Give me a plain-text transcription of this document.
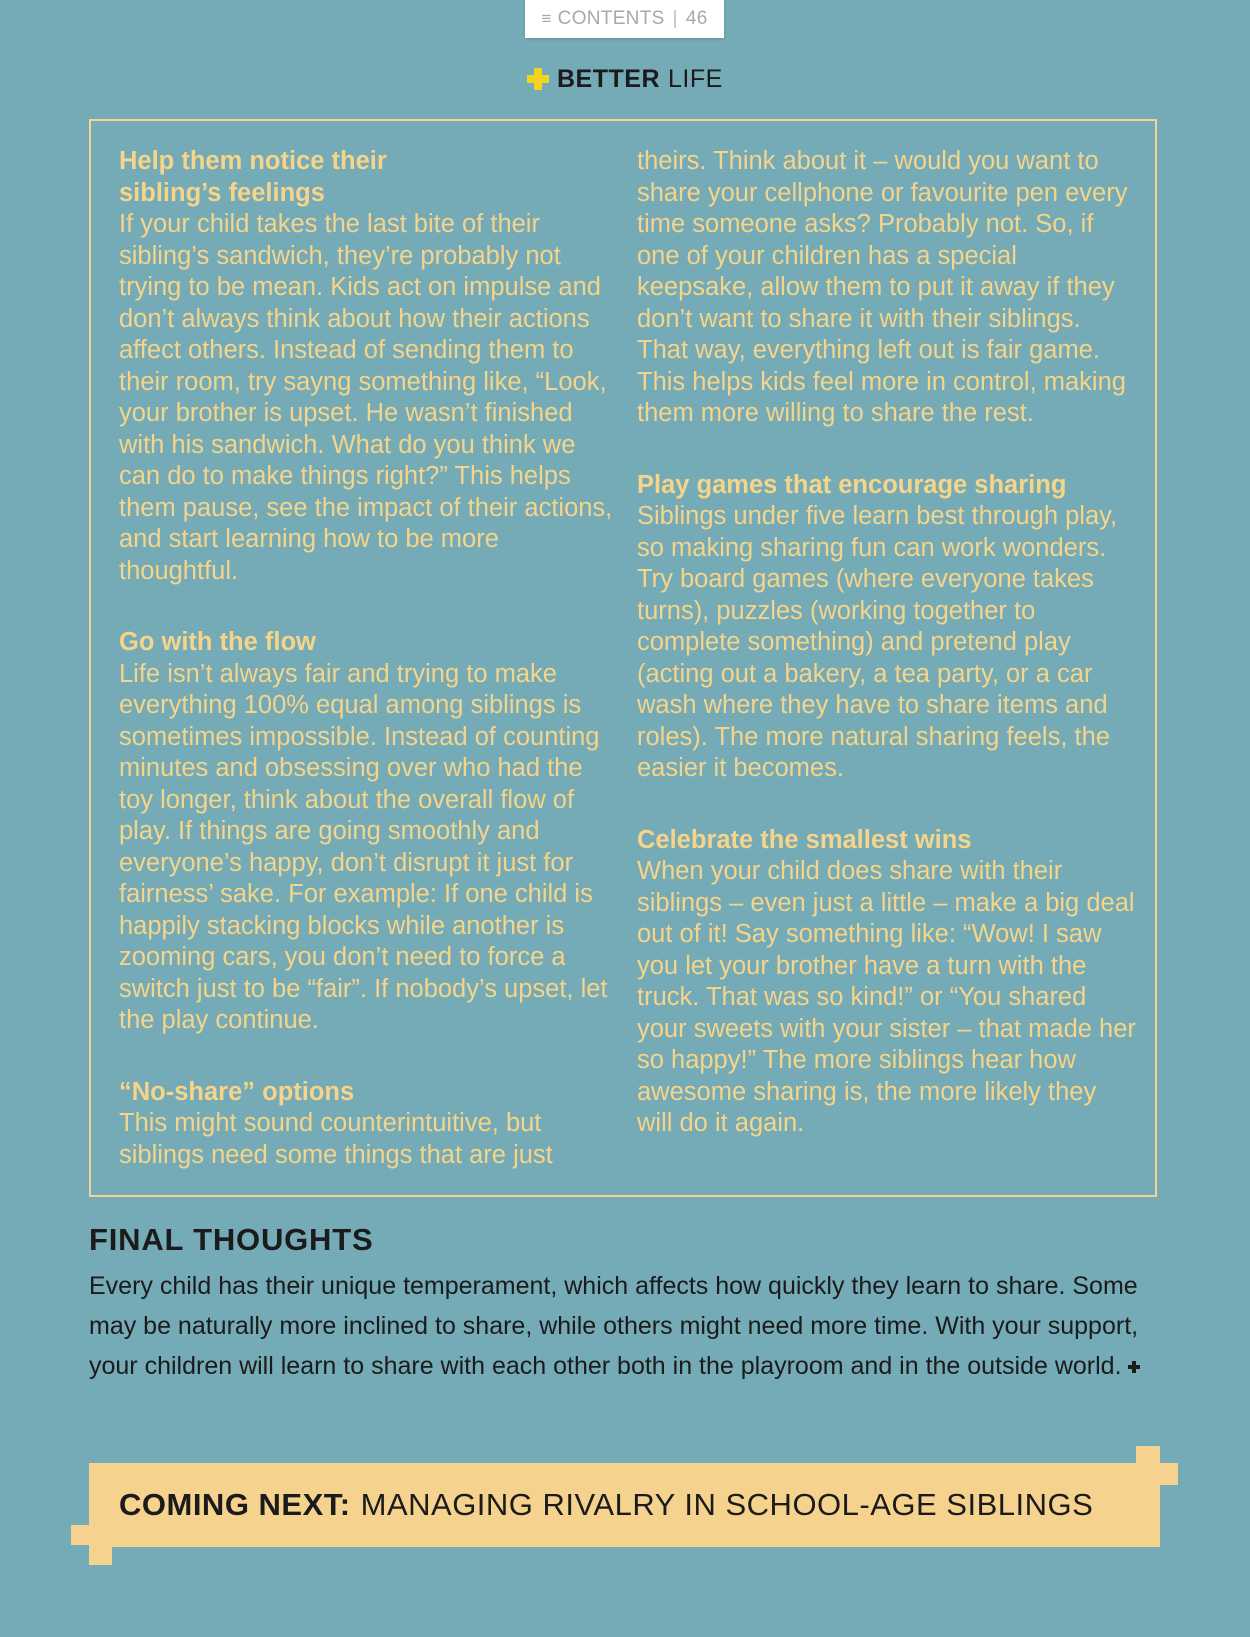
≡ CONTENTS | 46
BETTER LIFE
Help them notice their sibling’s feelings

If your child takes the last bite of their sibling’s sandwich, they’re probably not trying to be mean. Kids act on impulse and don’t always think about how their actions affect others. Instead of sending them to their room, try sayng something like, “Look, your brother is upset. He wasn’t finished with his sandwich. What do you think we can do to make things right?” This helps them pause, see the impact of their actions, and start learning how to be more thoughtful.

Go with the flow

Life isn’t always fair and trying to make everything 100% equal among siblings is sometimes impossible. Instead of counting minutes and obsessing over who had the toy longer, think about the overall flow of play. If things are going smoothly and everyone’s happy, don’t disrupt it just for fairness’ sake. For example: If one child is happily stacking blocks while another is zooming cars, you don’t need to force a switch just to be “fair”. If nobody’s upset, let the play continue.

“No-share” options

This might sound counterintuitive, but siblings need some things that are just

theirs. Think about it – would you want to share your cellphone or favourite pen every time someone asks? Probably not. So, if one of your children has a special keepsake, allow them to put it away if they don’t want to share it with their siblings. That way, everything left out is fair game. This helps kids feel more in control, making them more willing to share the rest.

Play games that encourage sharing

Siblings under five learn best through play, so making sharing fun can work wonders. Try board games (where everyone takes turns), puzzles (working together to complete something) and pretend play (acting out a bakery, a tea party, or a car wash where they have to share items and roles). The more natural sharing feels, the easier it becomes.

Celebrate the smallest wins

When your child does share with their siblings – even just a little – make a big deal out of it! Say something like: “Wow! I saw you let your brother have a turn with the truck. That was so kind!” or “You shared your sweets with your sister – that made her so happy!” The more siblings hear how awesome sharing is, the more likely they will do it again.

FINAL THOUGHTS
Every child has their unique temperament, which affects how quickly they learn to share. Some may be naturally more inclined to share, while others might need more time. With your support, your children will learn to share with each other both in the playroom and in the outside world.
COMING NEXT: MANAGING RIVALRY IN SCHOOL-AGE SIBLINGS
